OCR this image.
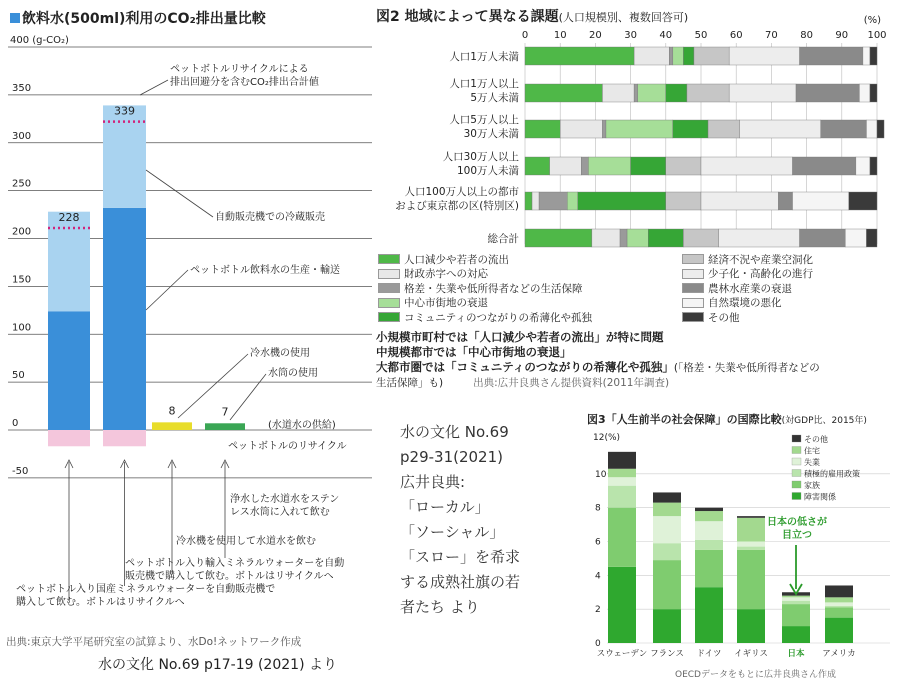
飲料水(500ml)利用のCO₂排出量比較
400 (g-CO₂)
350
300
250
200
150
100
50
0
-50
228
339
8	7
ペットボトルリサイクルによる排出回避分を含むCO₂排出合計値
自動販売機での冷蔵販売
ペットボトル飲料水の生産・輸送
冷水機の使用
水筒の使用
(水道水の供給)
ペットボトルのリサイクル
ペットボトル入り国産ミネラルウォーターを自動販売機で購入して飲む。ボトルはリサイクルへ
ペットボトル入り輸入ミネラルウォーターを自動販売機で購入して飲む。ボトルはリサイクルへ
冷水機を使用して水道水を飲む
浄水した水道水をステンレス水筒に入れて飲む
出典:東京大学平尾研究室の試算より、水Do!ネットワーク作成
水の文化 No.69 p17-19 (2021) より
図2 地域によって異なる課題(人口規模別、複数回答可)
0	10 20 30 40 50 60 70 80 90 100
(%)
人口1万人未満
人口1万人以上
5万人未満
人口5万人以上
30万人未満
人口30万人以上
100万人未満
人口100万人以上の都市
および東京都の区(特別区)
総合計
人口減少や若者の流出	経済不況や産業空洞化
財政赤字への対応	少子化・高齢化の進行
格差・失業や低所得者などの生活保障	農林水産業の衰退
中心市街地の衰退	自然環境の悪化
コミュニティのつながりの希薄化や孤独	その他
小規模市町村では「人口減少や若者の流出」が特に問題
中規模都市では「中心市街地の衰退」
大都市圏では「コミュニティのつながりの希薄化や孤独」(「格差・失業や低所得者などの
生活保障」も)	出典:広井良典さん提供資料(2011年調査)
水の文化 No.69
p29-31(2021)
広井良典:
「ローカル」
「ソーシャル」
「スロー」を希求
する成熟社旗の若
者たち より
図3「人生前半の社会保障」の国際比較(対GDP比、2015年)
12(%)
10
8
6
4
2
0
スウェーデン フランス ドイツ イギリス 日本 アメリカ
その他
住宅
失業
積極的雇用政策
家族
障害関係
日本の低さが
目立つ
OECDデータをもとに広井良典さん作成
